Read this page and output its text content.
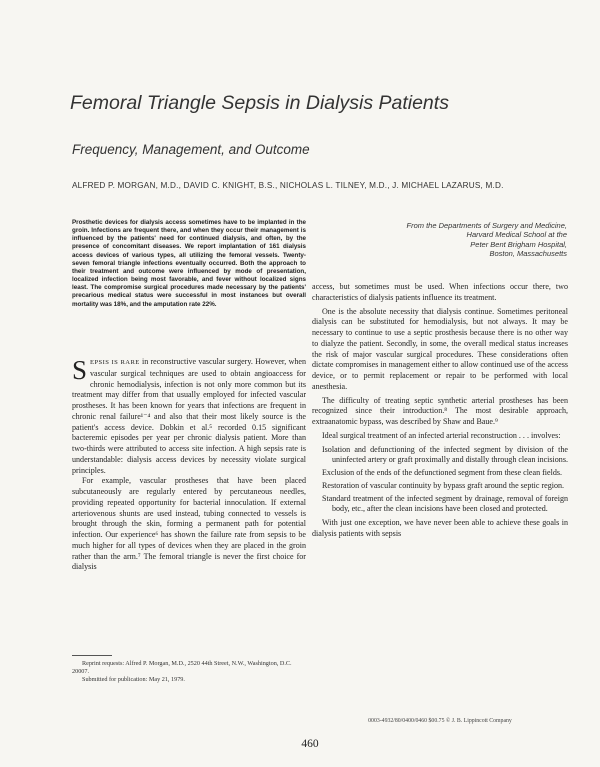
Femoral Triangle Sepsis in Dialysis Patients
Frequency, Management, and Outcome
ALFRED P. MORGAN, M.D., DAVID C. KNIGHT, B.S., NICHOLAS L. TILNEY, M.D., J. MICHAEL LAZARUS, M.D.
Prosthetic devices for dialysis access sometimes have to be implanted in the groin. Infections are frequent there, and when they occur their management is influenced by the patients' need for continued dialysis, and often, by the presence of concomitant diseases. We report implantation of 161 dialysis access devices of various types, all utilizing the femoral vessels. Twenty-seven femoral triangle infections eventually occurred. Both the approach to their treatment and outcome were influenced by mode of presentation, localized infection being most favorable, and fever without localized signs least. The compromise surgical procedures made necessary by the patients' precarious medical status were successful in most instances but overall mortality was 18%, and the amputation rate 22%.
From the Departments of Surgery and Medicine,
Harvard Medical School at the
Peter Bent Brigham Hospital,
Boston, Massachusetts

SEPSIS IS RARE in reconstructive vascular surgery. However, when vascular surgical techniques are used to obtain angioaccess for chronic hemodialysis, infection is not only more common but its treatment may differ from that usually employed for infected vascular prostheses. It has been known for years that infections are frequent in chronic renal failure¹⁻⁴ and also that their most likely source is the patient's access device. Dobkin et al.⁵ recorded 0.15 significant bacteremic episodes per year per chronic dialysis patient. More than two-thirds were attributed to access site infection. A high sepsis rate is understandable: dialysis access devices by necessity violate surgical principles.

For example, vascular prostheses that have been placed subcutaneously are regularly entered by percutaneous needles, providing repeated opportunity for bacterial innoculation. If external arteriovenous shunts are used instead, tubing connected to vessels is brought through the skin, forming a permanent path for potential infection. Our experience⁶ has shown the failure rate from sepsis to be much higher for all types of devices when they are placed in the groin rather than the arm.⁷ The femoral triangle is never the first choice for dialysis

access, but sometimes must be used. When infections occur there, two characteristics of dialysis patients influence its treatment.

One is the absolute necessity that dialysis continue. Sometimes peritoneal dialysis can be substituted for hemodialysis, but not always. It may be necessary to continue to use a septic prosthesis because there is no other way to dialyze the patient. Secondly, in some, the overall medical status increases the risk of major vascular surgical procedures. These considerations often dictate compromises in management either to allow continued use of the access device, or to permit replacement or repair to be performed with local anesthesia.

The difficulty of treating septic synthetic arterial prostheses has been recognized since their introduction.⁸ The most desirable approach, extraanatomic bypass, was described by Shaw and Baue.⁹

Ideal surgical treatment of an infected arterial reconstruction . . . involves:

Isolation and defunctioning of the infected segment by division of the uninfected artery or graft proximally and distally through clean incisions.
Exclusion of the ends of the defunctioned segment from these clean fields.
Restoration of vascular continuity by bypass graft around the septic region.
Standard treatment of the infected segment by drainage, removal of foreign body, etc., after the clean incisions have been closed and protected.

With just one exception, we have never been able to achieve these goals in dialysis patients with sepsis

Reprint requests: Alfred P. Morgan, M.D., 2520 44th Street, N.W., Washington, D.C. 20007.

Submitted for publication: May 21, 1979.

0003-4932/80/0400/0460 $00.75 © J. B. Lippincott Company
460
